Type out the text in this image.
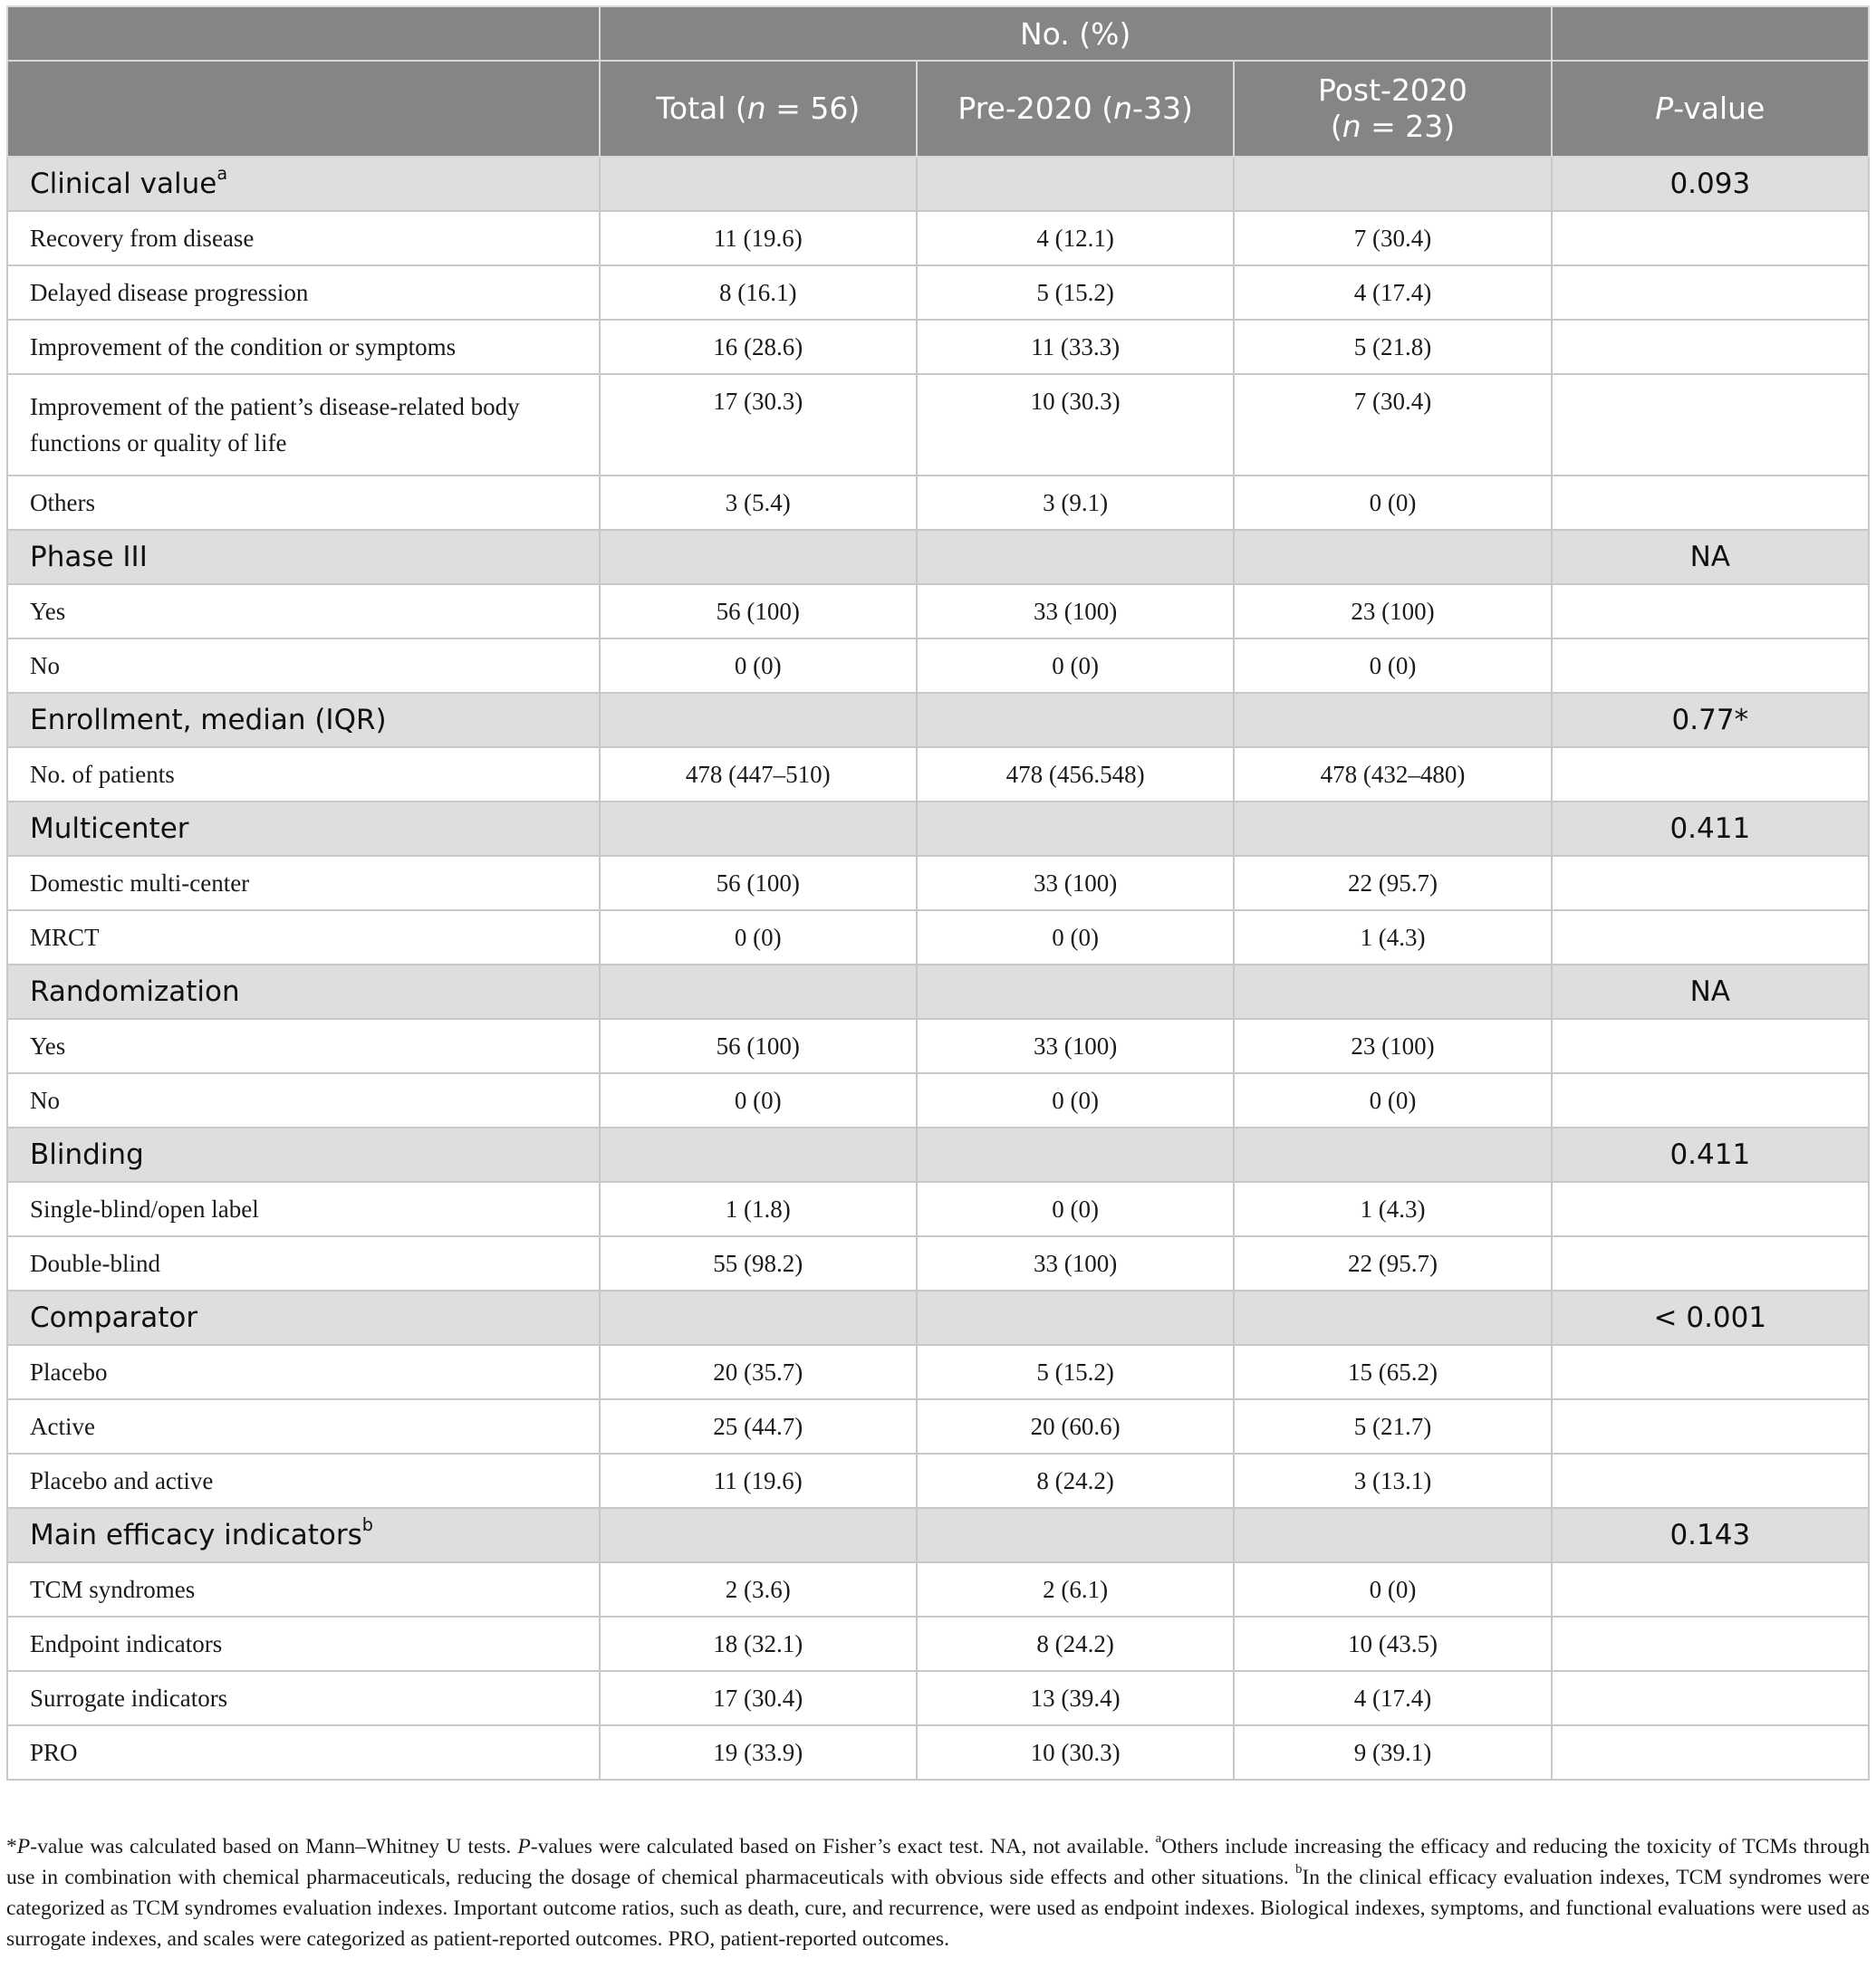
	No. (%)			
	Total (n = 56)	Pre-2020 (n-33)	Post-2020
(n = 23)	P-value
Clinical value$^a$				0.093
Recovery from disease	11 (19.6)	4 (12.1)	7 (30.4)	
Delayed disease progression	8 (16.1)	5 (15.2)	4 (17.4)	
Improvement of the condition or symptoms	16 (28.6)	11 (33.3)	5 (21.8)	
Improvement of the patient’s disease-related body
functions or quality of life	17 (30.3)	10 (30.3)	7 (30.4)	
Others	3 (5.4)	3 (9.1)	0 (0)	
Phase III				NA
Yes	56 (100)	33 (100)	23 (100)	
No	0 (0)	0 (0)	0 (0)	
Enrollment, median (IQR)				0.77*
No. of patients	478 (447–510)	478 (456.548)	478 (432–480)	
Multicenter				0.411
Domestic multi-center	56 (100)	33 (100)	22 (95.7)	
MRCT	0 (0)	0 (0)	1 (4.3)	
Randomization				NA
Yes	56 (100)	33 (100)	23 (100)	
No	0 (0)	0 (0)	0 (0)	
Blinding				0.411
Single-blind/open label	1 (1.8)	0 (0)	1 (4.3)	
Double-blind	55 (98.2)	33 (100)	22 (95.7)	
Comparator				< 0.001
Placebo	20 (35.7)	5 (15.2)	15 (65.2)	
Active	25 (44.7)	20 (60.6)	5 (21.7)	
Placebo and active	11 (19.6)	8 (24.2)	3 (13.1)	
Main efficacy indicators$^b$				0.143
TCM syndromes	2 (3.6)	2 (6.1)	0 (0)	
Endpoint indicators	18 (32.1)	8 (24.2)	10 (43.5)	
Surrogate indicators	17 (30.4)	13 (39.4)	4 (17.4)	
PRO	19 (33.9)	10 (30.3)	9 (39.1)	
*P-value was calculated based on Mann–Whitney U tests. P-values were calculated based on Fisher’s exact test. NA, not available. $^a$Others include increasing the efficacy and reducing the toxicity of TCMs through use in combination with chemical pharmaceuticals, reducing the dosage of chemical pharmaceuticals with obvious side effects and other situations. $^b$In the clinical efficacy evaluation indexes, TCM syndromes were categorized as TCM syndromes evaluation indexes. Important outcome ratios, such as death, cure, and recurrence, were used as endpoint indexes. Biological indexes, symptoms, and functional evaluations were used as surrogate indexes, and scales were categorized as patient-reported outcomes. PRO, patient-reported outcomes.
